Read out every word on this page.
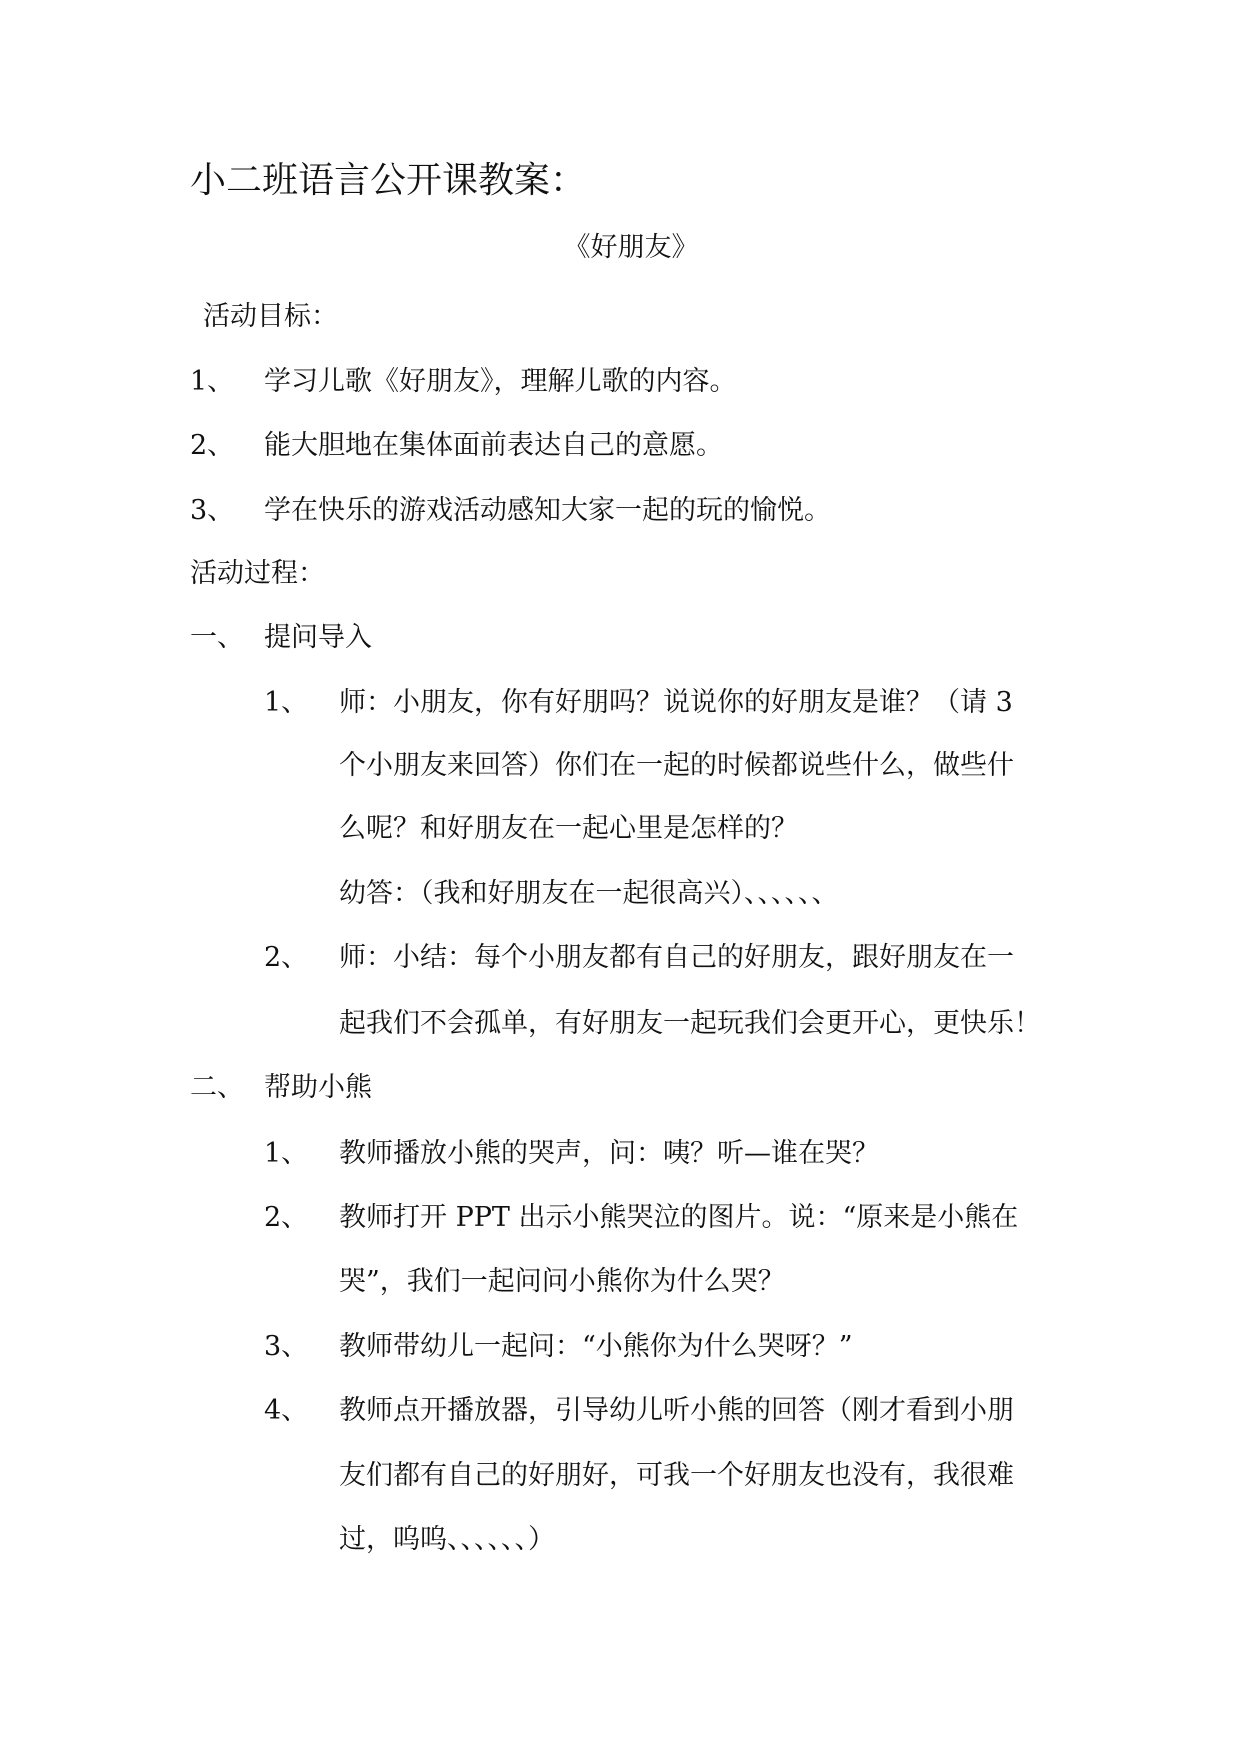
小二班语言公开课教案：
《好朋友》
活动目标：
1、 学习儿歌《好朋友》，理解儿歌的内容。
2、 能大胆地在集体面前表达自己的意愿。
3、 学在快乐的游戏活动感知大家一起的玩的愉悦。
活动过程：
一、 提问导入
1、 师：小朋友，你有好朋吗？说说你的好朋友是谁？（请 3
个小朋友来回答）你们在一起的时候都说些什么，做些什
么呢？和好朋友在一起心里是怎样的？
幼答：（我和好朋友在一起很高兴）、、、、、、
2、 师：小结：每个小朋友都有自己的好朋友，跟好朋友在一
起我们不会孤单，有好朋友一起玩我们会更开心，更快乐！
二、 帮助小熊
1、 教师播放小熊的哭声，问：咦？听—谁在哭？
2、 教师打开 PPT 出示小熊哭泣的图片。说：“原来是小熊在
哭”，我们一起问问小熊你为什么哭？
3、 教师带幼儿一起问：“小熊你为什么哭呀？”
4、 教师点开播放器，引导幼儿听小熊的回答（刚才看到小朋
友们都有自己的好朋好，可我一个好朋友也没有，我很难
过，呜呜、、、、、、）
